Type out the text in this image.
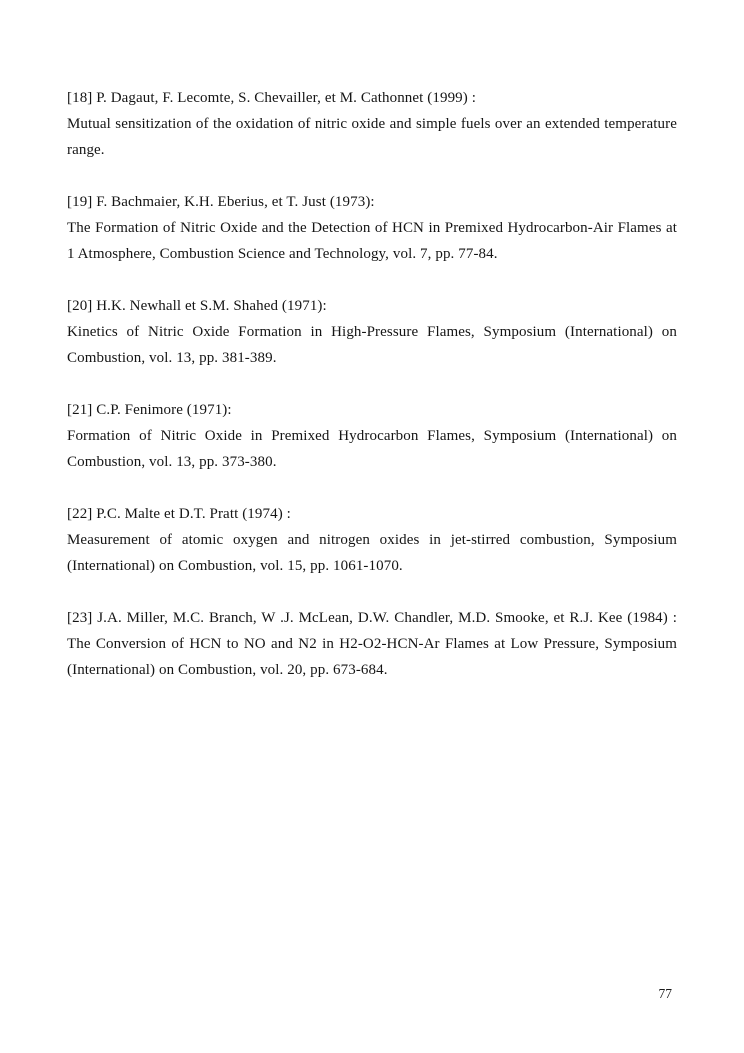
[18] P. Dagaut, F. Lecomte, S. Chevailler, et M. Cathonnet (1999) :
Mutual sensitization of the oxidation of nitric oxide and simple fuels over an extended temperature range.
[19] F. Bachmaier, K.H. Eberius, et T. Just (1973):
The Formation of Nitric Oxide and the Detection of HCN in Premixed Hydrocarbon-Air Flames at 1 Atmosphere, Combustion Science and Technology, vol. 7, pp. 77-84.
[20] H.K. Newhall et S.M. Shahed (1971):
Kinetics of Nitric Oxide Formation in High-Pressure Flames, Symposium (International) on Combustion, vol. 13, pp. 381-389.
[21] C.P. Fenimore (1971):
Formation of Nitric Oxide in Premixed Hydrocarbon Flames, Symposium (International) on Combustion, vol. 13, pp. 373-380.
[22] P.C. Malte et D.T. Pratt (1974) :
Measurement of atomic oxygen and nitrogen oxides in jet-stirred combustion, Symposium (International) on Combustion, vol. 15, pp. 1061-1070.
[23] J.A. Miller, M.C. Branch, W .J. McLean, D.W. Chandler, M.D. Smooke, et R.J. Kee (1984) : The Conversion of HCN to NO and N2 in H2-O2-HCN-Ar Flames at Low Pressure, Symposium (International) on Combustion, vol. 20, pp. 673-684.
77
